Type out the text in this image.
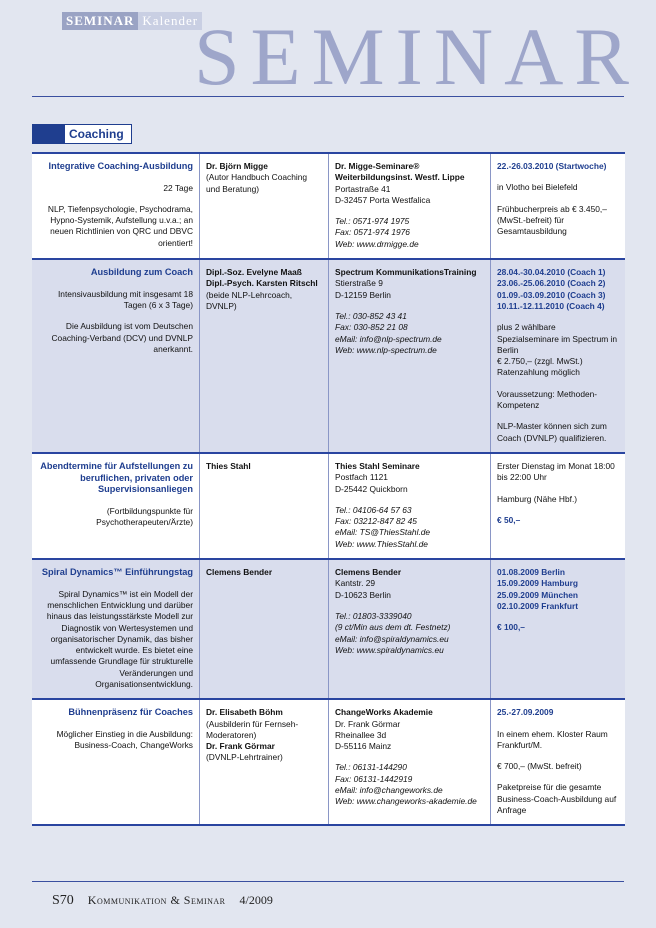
SEMINAR Kalender
SEMINAR
Coaching
Integrative Coaching-Ausbildung
22 Tage
NLP, Tiefenpsychologie, Psychodrama, Hypno-Systemik, Aufstellung u.v.a.; an neuen Richtlinien von QRC und DBVC orientiert!
Dr. Björn Migge
(Autor Handbuch Coaching und Beratung)
Dr. Migge-Seminare®
Weiterbildungsinst. Westf. Lippe
Portastraße 41
D-32457 Porta Westfalica
Tel.: 0571-974 1975
Fax: 0571-974 1976
Web: www.drmigge.de
22.-26.03.2010 (Startwoche)
in Vlotho bei Bielefeld
Frühbucherpreis ab € 3.450,– (MwSt.-befreit) für Gesamtausbildung
Ausbildung zum Coach
Intensivausbildung mit insgesamt 18 Tagen (6 x 3 Tage)
Die Ausbildung ist vom Deutschen Coaching-Verband (DCV) und DVNLP anerkannt.
Dipl.-Soz. Evelyne Maaß
Dipl.-Psych. Karsten Ritschl
(beide NLP-Lehrcoach, DVNLP)
Spectrum KommunikationsTraining
Stierstraße 9
D-12159 Berlin
Tel.: 030-852 43 41
Fax: 030-852 21 08
eMail: info@nlp-spectrum.de
Web: www.nlp-spectrum.de
28.04.-30.04.2010 (Coach 1)
23.06.-25.06.2010 (Coach 2)
01.09.-03.09.2010 (Coach 3)
10.11.-12.11.2010 (Coach 4)
plus 2 wählbare Spezialseminare im Spectrum in Berlin
€ 2.750,– (zzgl. MwSt.) Ratenzahlung möglich
Voraussetzung: Methoden-Kompetenz
NLP-Master können sich zum Coach (DVNLP) qualifizieren.
Abendtermine für Aufstellungen zu beruflichen, privaten oder Supervisionsanliegen
(Fortbildungspunkte für Psychotherapeuten/Ärzte)
Thies Stahl	Thies Stahl Seminare
Postfach 1121
D-25442 Quickborn
Tel.: 04106-64 57 63
Fax: 03212-847 82 45
eMail: TS@ThiesStahl.de
Web: www.ThiesStahl.de
Erster Dienstag im Monat 18:00 bis 22:00 Uhr
Hamburg (Nähe Hbf.)
€ 50,–
Spiral Dynamics™ Einführungstag
Spiral Dynamics™ ist ein Modell der menschlichen Entwicklung und darüber hinaus das leistungsstärkste Modell zur Diagnostik von Wertesystemen und organisatorischer Dynamik, das bisher entwickelt wurde. Es bietet eine umfassende Grundlage für strukturelle Veränderungen und Organisationsentwicklung.
Clemens Bender	Clemens Bender
Kantstr. 29
D-10623 Berlin
Tel.: 01803-3339040
(9 ct/Min aus dem dt. Festnetz)
eMail: info@spiraldynamics.eu
Web: www.spiraldynamics.eu
01.08.2009 Berlin
15.09.2009 Hamburg
25.09.2009 München
02.10.2009 Frankfurt
€ 100,–
Bühnenpräsenz für Coaches
Möglicher Einstieg in die Ausbildung: Business-Coach, ChangeWorks
Dr. Elisabeth Böhm
(Ausbilderin für Fernseh-Moderatoren)
Dr. Frank Görmar
(DVNLP-Lehrtrainer)
ChangeWorks Akademie
Dr. Frank Görmar
Rheinallee 3d
D-55116 Mainz
Tel.: 06131-144290
Fax: 06131-1442919
eMail: info@changeworks.de
Web: www.changeworks-akademie.de
25.-27.09.2009
In einem ehem. Kloster Raum Frankfurt/M.
€ 700,– (MwSt. befreit)
Paketpreise für die gesamte Business-Coach-Ausbildung auf Anfrage
S70 Kommunikation & Seminar 4/2009
